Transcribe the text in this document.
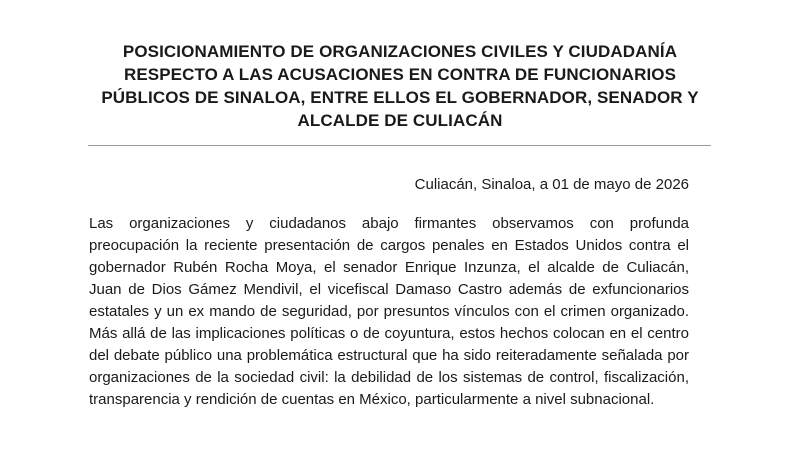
POSICIONAMIENTO DE ORGANIZACIONES CIVILES Y CIUDADANÍA RESPECTO A LAS ACUSACIONES EN CONTRA DE FUNCIONARIOS PÚBLICOS DE SINALOA, ENTRE ELLOS EL GOBERNADOR, SENADOR Y ALCALDE DE CULIACÁN
Culiacán, Sinaloa, a 01 de mayo de 2026

Las organizaciones y ciudadanos abajo firmantes observamos con profunda preocupación la reciente presentación de cargos penales en Estados Unidos contra el gobernador Rubén Rocha Moya, el senador Enrique Inzunza, el alcalde de Culiacán, Juan de Dios Gámez Mendivil, el vicefiscal Damaso Castro además de exfuncionarios estatales y un ex mando de seguridad, por presuntos vínculos con el crimen organizado. Más allá de las implicaciones políticas o de coyuntura, estos hechos colocan en el centro del debate público una problemática estructural que ha sido reiteradamente señalada por organizaciones de la sociedad civil: la debilidad de los sistemas de control, fiscalización, transparencia y rendición de cuentas en México, particularmente a nivel subnacional.
